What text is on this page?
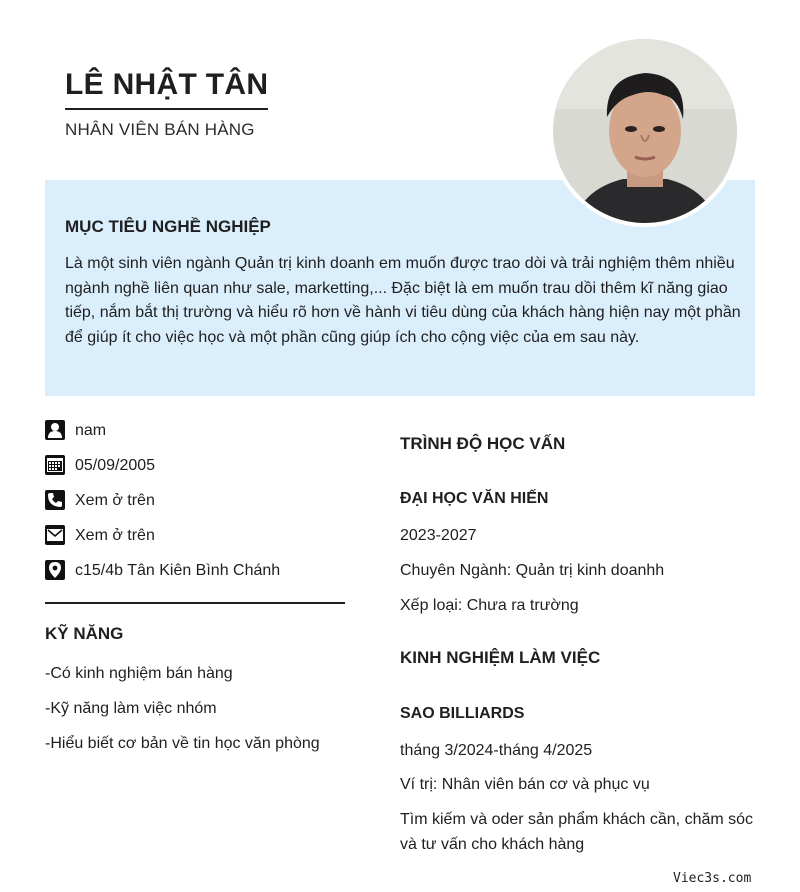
LÊ NHẬT TÂN
NHÂN VIÊN BÁN HÀNG
MỤC TIÊU NGHỀ NGHIỆP

Là một sinh viên ngành Quản trị kinh doanh em muốn được trao dòi và trải nghiệm thêm nhiều ngành nghề liên quan như sale, marketting,... Đặc biệt là em muốn trau dồi thêm kĩ năng giao tiếp, nắm bắt thị trường và hiểu rõ hơn về hành vi tiêu dùng của khách hàng hiện nay một phần để giúp ít cho việc học và một phần cũng giúp ích cho cộng việc của em sau này.

nam
05/09/2005
Xem ở trên
Xem ở trên
c15/4b Tân Kiên Bình Chánh
KỸ NĂNG
-Có kinh nghiệm bán hàng
-Kỹ năng làm việc nhóm
-Hiểu biết cơ bản về tin học văn phòng
TRÌNH ĐỘ HỌC VẤN
ĐẠI HỌC VĂN HIẾN
2023-2027
Chuyên Ngành: Quản trị kinh doanhh
Xếp loại: Chưa ra trường
KINH NGHIỆM LÀM VIỆC
SAO BILLIARDS
tháng 3/2024-tháng 4/2025
Ví trị: Nhân viên bán cơ và phục vụ
Tìm kiếm và oder sản phẩm khách cần, chăm sóc và tư vấn cho khách hàng
Viec3s.com
